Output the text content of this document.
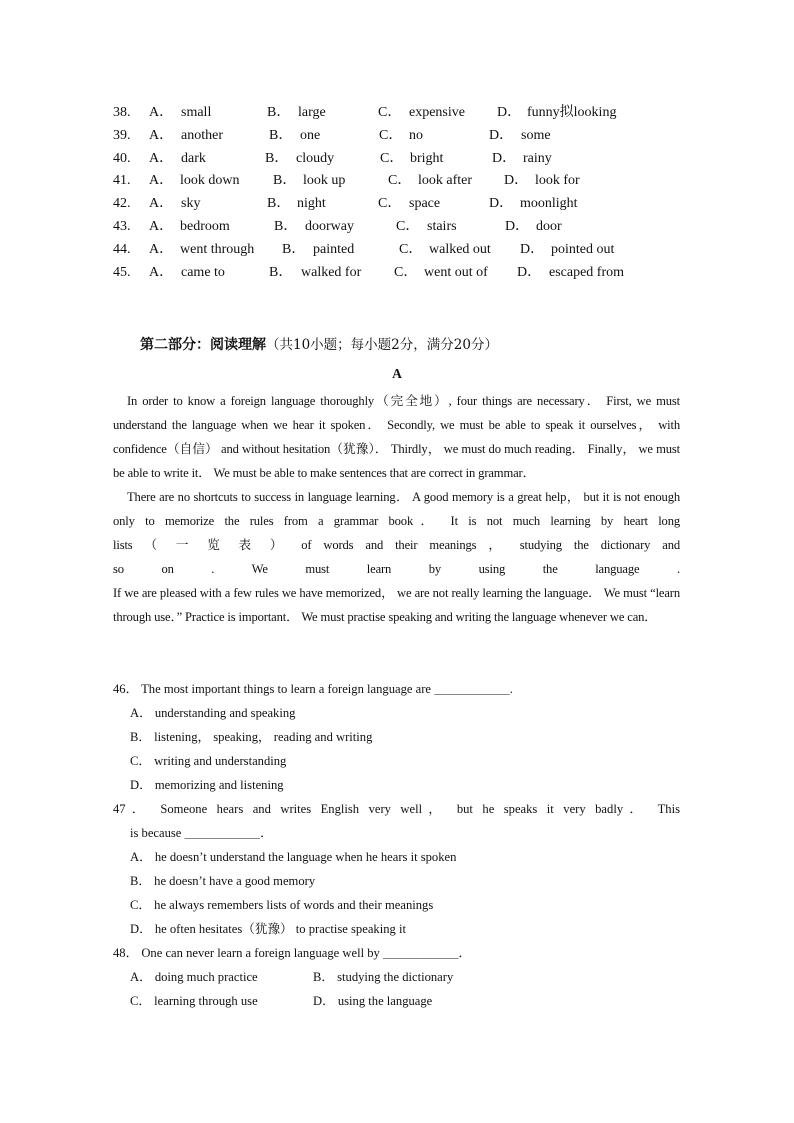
38. A． small	B． large	C． expensive D． funny拟looking
39. A． another	B． one	C． no	D． some
40. A． dark	B． cloudy	C． bright	D． rainy
41. A． look down B． look up	C． look after D． look for
42. A． sky	B． night	C． space	D． moonlight
43. A． bedroom	B． doorway	C． stairs	D． door
44. A． went through B． painted	C． walked out D． pointed out
45. A． came to	B． walked for C． went out of D． escaped from
第二部分：阅读理解（共10小题；每小题2分，满分20分）
A

In order to know a foreign language thoroughly（完全地）, four things are necessary． First, we must understand the language when we hear it spoken． Secondly, we must be able to speak it ourselves， with confidence（自信） and without hesitation（犹豫）． Thirdly， we must do much reading． Finally， we must be able to write it． We must be able to make sentences that are correct in grammar．

There are no shortcuts to success in language learning． A good memory is a great help， but it is not enough only to memorize the rules from a grammar book． It is not much learning by heart long

lists （ 一 览 表 ） of words and their meanings ， studying the dictionary and

so on . We must learn by using the language .

If we are pleased with a few rules we have memorized， we are not really learning the language． We must “learn through use．” Practice is important． We must practise speaking and writing the language whenever we can．

46． The most important things to learn a foreign language are ＿＿＿＿＿＿.

A． understanding and speaking

B． listening， speaking， reading and writing

C． writing and understanding

D． memorizing and listening

47． Someone hears and writes English very well， but he speaks it very badly． This

is because ＿＿＿＿＿＿．

A． he doesn’t understand the language when he hears it spoken

B． he doesn’t have a good memory

C． he always remembers lists of words and their meanings

D． he often hesitates（犹豫） to practise speaking it

48． One can never learn a foreign language well by ＿＿＿＿＿＿．

A． doing much practice	B． studying the dictionary
C． learning through use	D． using the language
